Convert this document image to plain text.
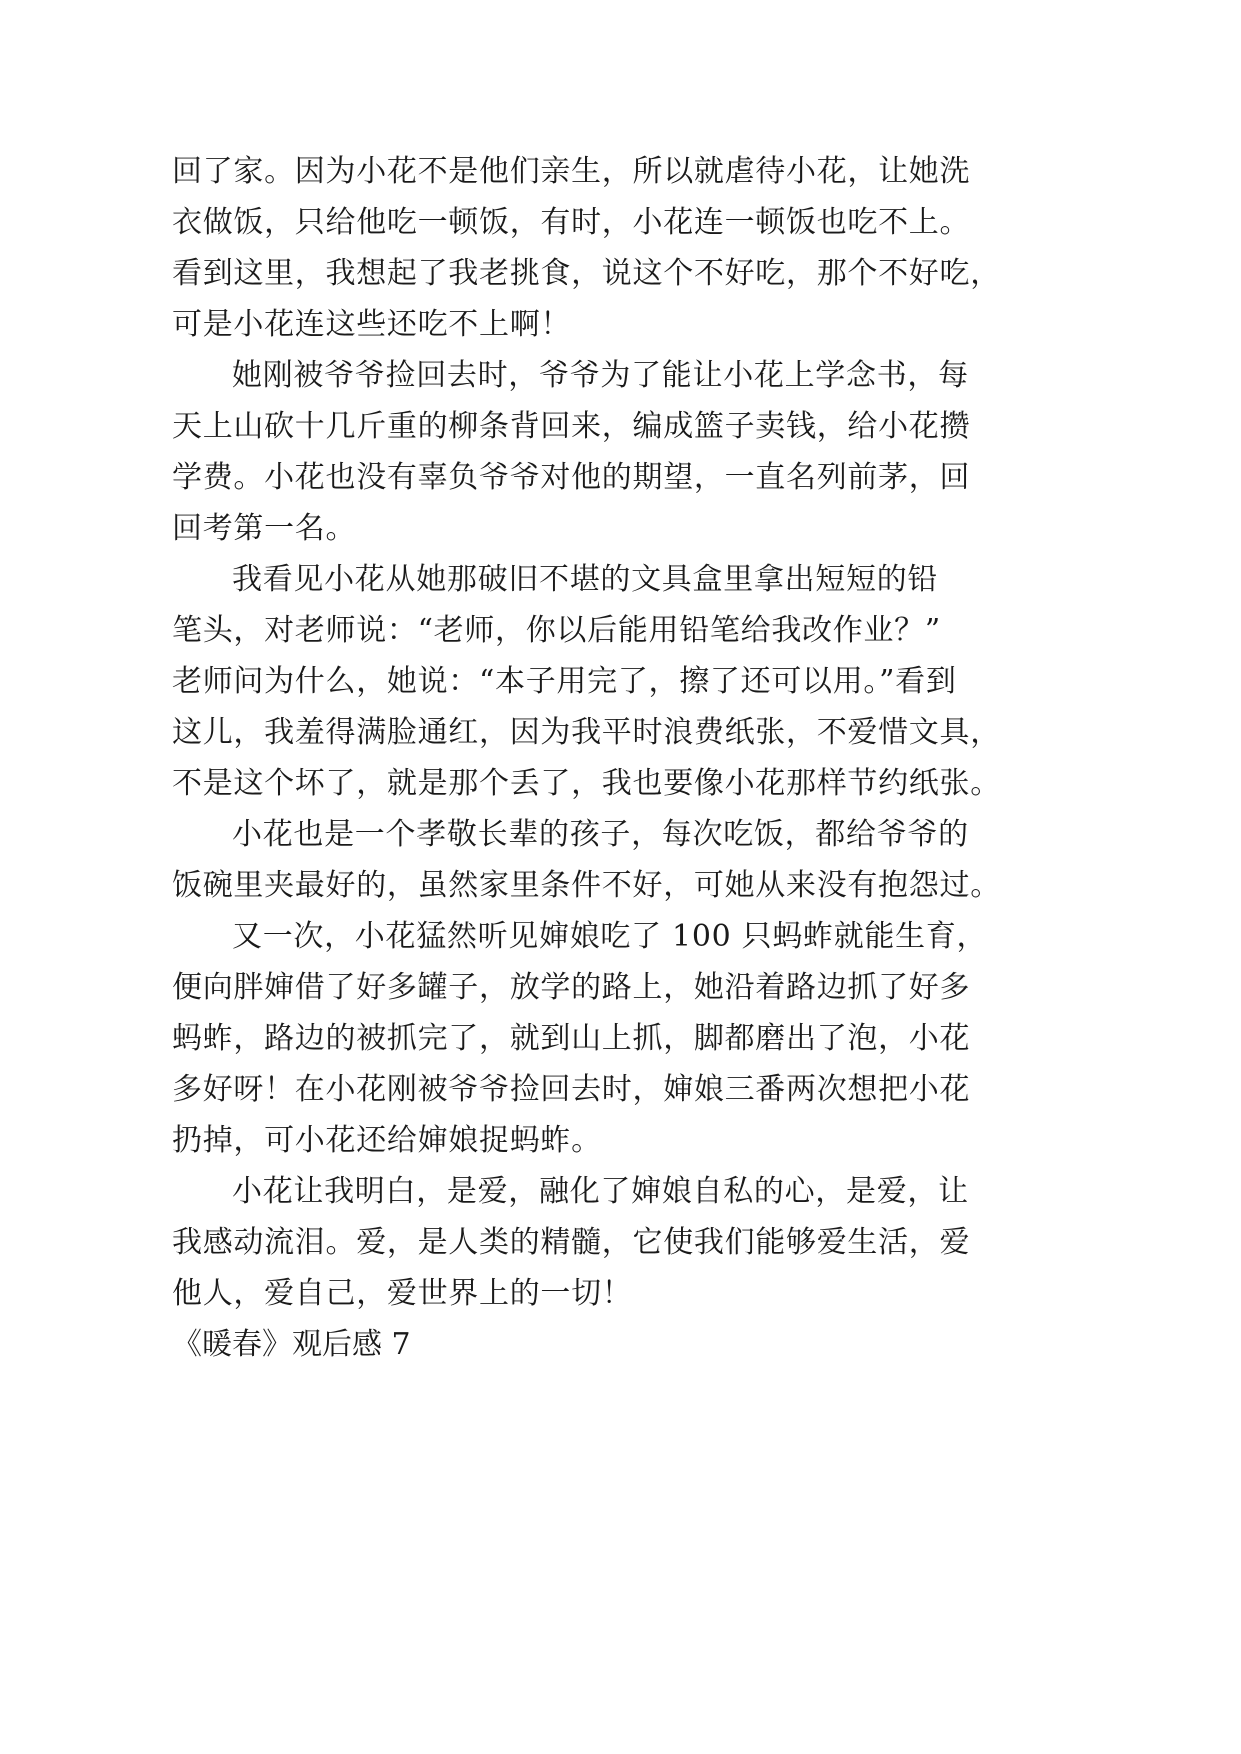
回了家。因为小花不是他们亲生，所以就虐待小花，让她洗
衣做饭，只给他吃一顿饭，有时，小花连一顿饭也吃不上。
看到这里，我想起了我老挑食，说这个不好吃，那个不好吃，
可是小花连这些还吃不上啊！
她刚被爷爷捡回去时，爷爷为了能让小花上学念书，每
天上山砍十几斤重的柳条背回来，编成篮子卖钱，给小花攒
学费。小花也没有辜负爷爷对他的期望，一直名列前茅，回
回考第一名。
我看见小花从她那破旧不堪的文具盒里拿出短短的铅
笔头，对老师说：“老师，你以后能用铅笔给我改作业？”
老师问为什么，她说：“本子用完了，擦了还可以用。”看到
这儿，我羞得满脸通红，因为我平时浪费纸张，不爱惜文具，
不是这个坏了，就是那个丢了，我也要像小花那样节约纸张。
小花也是一个孝敬长辈的孩子，每次吃饭，都给爷爷的
饭碗里夹最好的，虽然家里条件不好，可她从来没有抱怨过。
又一次，小花猛然听见婶娘吃了 100 只蚂蚱就能生育，
便向胖婶借了好多罐子，放学的路上，她沿着路边抓了好多
蚂蚱，路边的被抓完了，就到山上抓，脚都磨出了泡，小花
多好呀！在小花刚被爷爷捡回去时，婶娘三番两次想把小花
扔掉，可小花还给婶娘捉蚂蚱。
小花让我明白，是爱，融化了婶娘自私的心，是爱，让
我感动流泪。爱，是人类的精髓，它使我们能够爱生活，爱
他人，爱自己，爱世界上的一切！
《暖春》观后感 7
